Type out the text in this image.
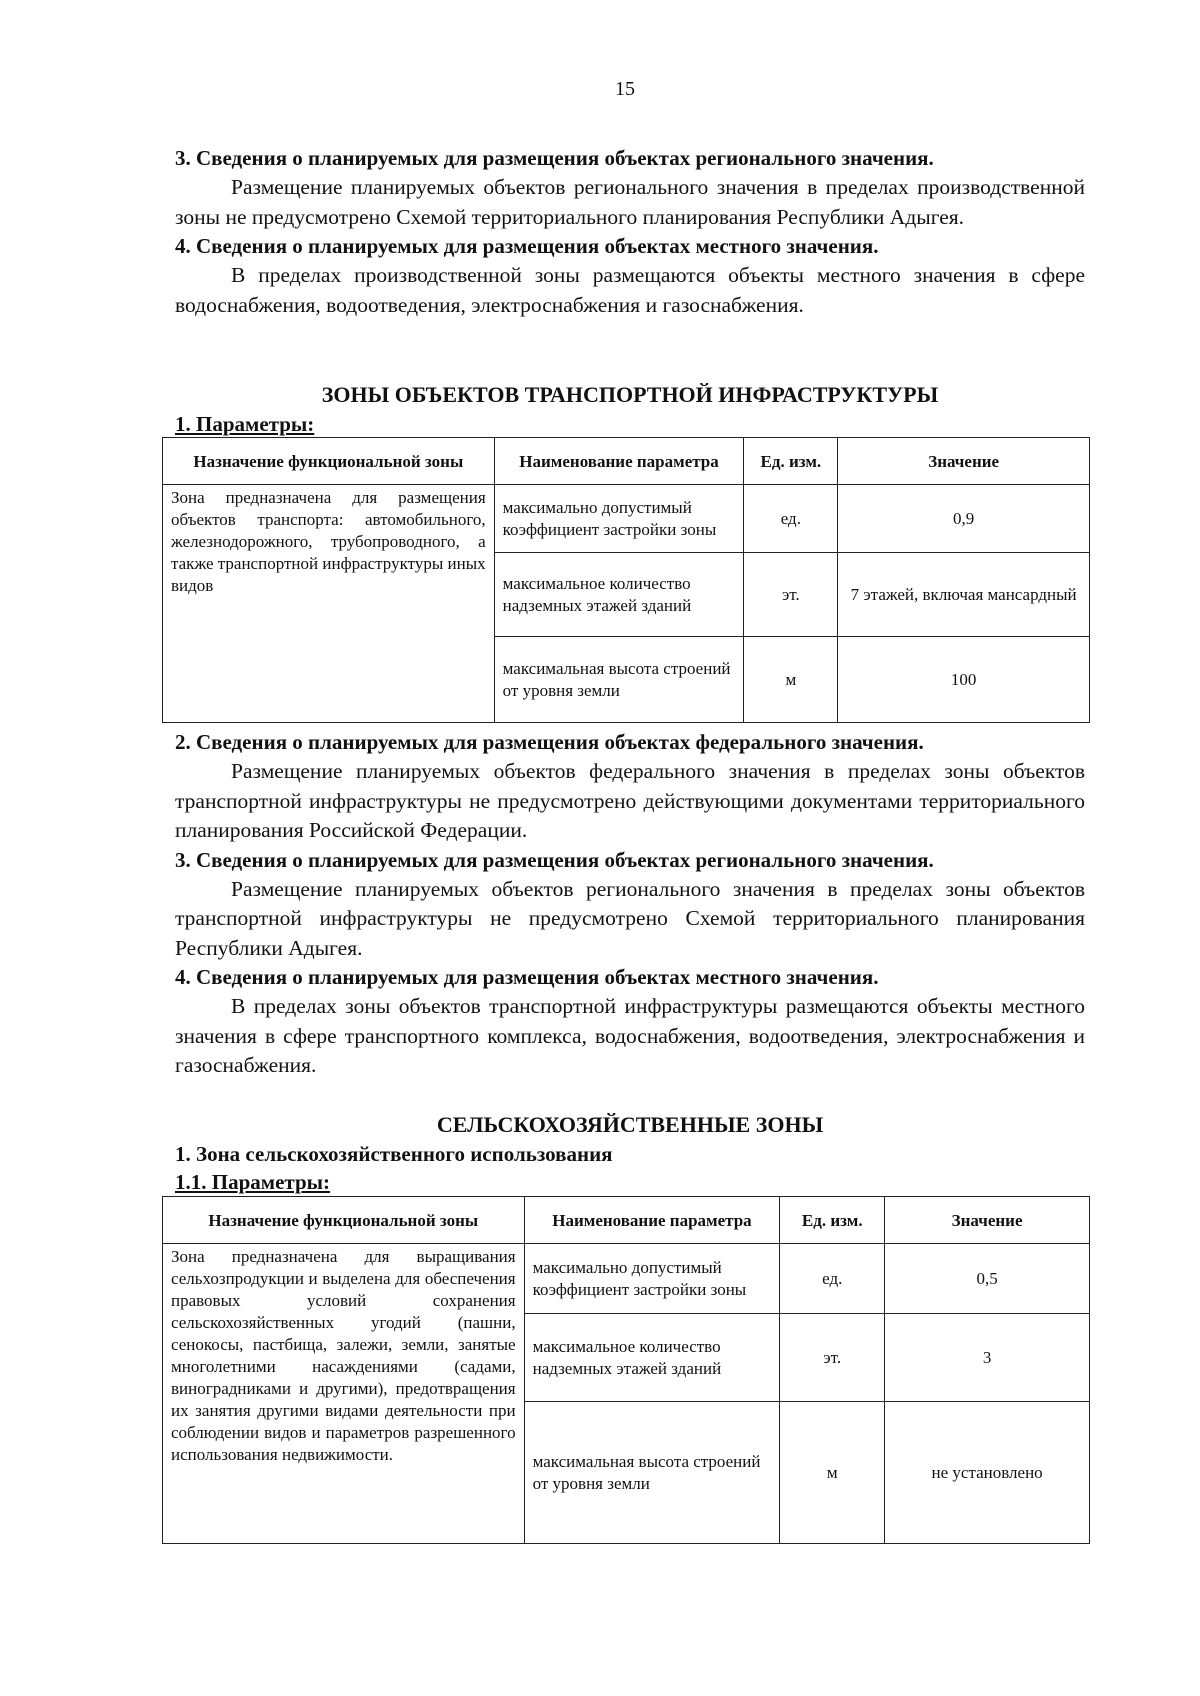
15

3. Сведения о планируемых для размещения объектах регионального значения.

Размещение планируемых объектов регионального значения в пределах производственной зоны не предусмотрено Схемой территориального планирования Республики Адыгея.

4. Сведения о планируемых для размещения объектах местного значения.

В пределах производственной зоны размещаются объекты местного значения в сфере водоснабжения, водоотведения, электроснабжения и газоснабжения.

ЗОНЫ ОБЪЕКТОВ ТРАНСПОРТНОЙ ИНФРАСТРУКТУРЫ

1. Параметры:

Назначение функциональной зоны	Наименование параметра	Ед. изм.	Значение
Зона предназначена для размещения объектов транспорта: автомобильного, железнодорожного, трубопроводного, а также транспортной инфраструктуры иных видов	максимально допустимый коэффициент застройки зоны	ед.	0,9
	максимальное количество надземных этажей зданий	эт.	7 этажей, включая мансардный
	максимальная высота строений от уровня земли	м	100

2. Сведения о планируемых для размещения объектах федерального значения.

Размещение планируемых объектов федерального значения в пределах зоны объектов транспортной инфраструктуры не предусмотрено действующими документами территориального планирования Российской Федерации.

3. Сведения о планируемых для размещения объектах регионального значения.

Размещение планируемых объектов регионального значения в пределах зоны объектов транспортной инфраструктуры не предусмотрено Схемой территориального планирования Республики Адыгея.

4. Сведения о планируемых для размещения объектах местного значения.

В пределах зоны объектов транспортной инфраструктуры размещаются объекты местного значения в сфере транспортного комплекса, водоснабжения, водоотведения, электроснабжения и газоснабжения.

СЕЛЬСКОХОЗЯЙСТВЕННЫЕ ЗОНЫ

1. Зона сельскохозяйственного использования

1.1. Параметры:

Назначение функциональной зоны	Наименование параметра	Ед. изм.	Значение
Зона предназначена для выращивания сельхозпродукции и выделена для обеспечения правовых условий сохранения сельскохозяйственных угодий (пашни, сенокосы, пастбища, залежи, земли, занятые многолетними насаждениями (садами, виноградниками и другими), предотвращения их занятия другими видами деятельности при соблюдении видов и параметров разрешенного использования недвижимости.	максимально допустимый коэффициент застройки зоны	ед.	0,5
	максимальное количество надземных этажей зданий	эт.	3
	максимальная высота строений от уровня земли	м	не установлено
